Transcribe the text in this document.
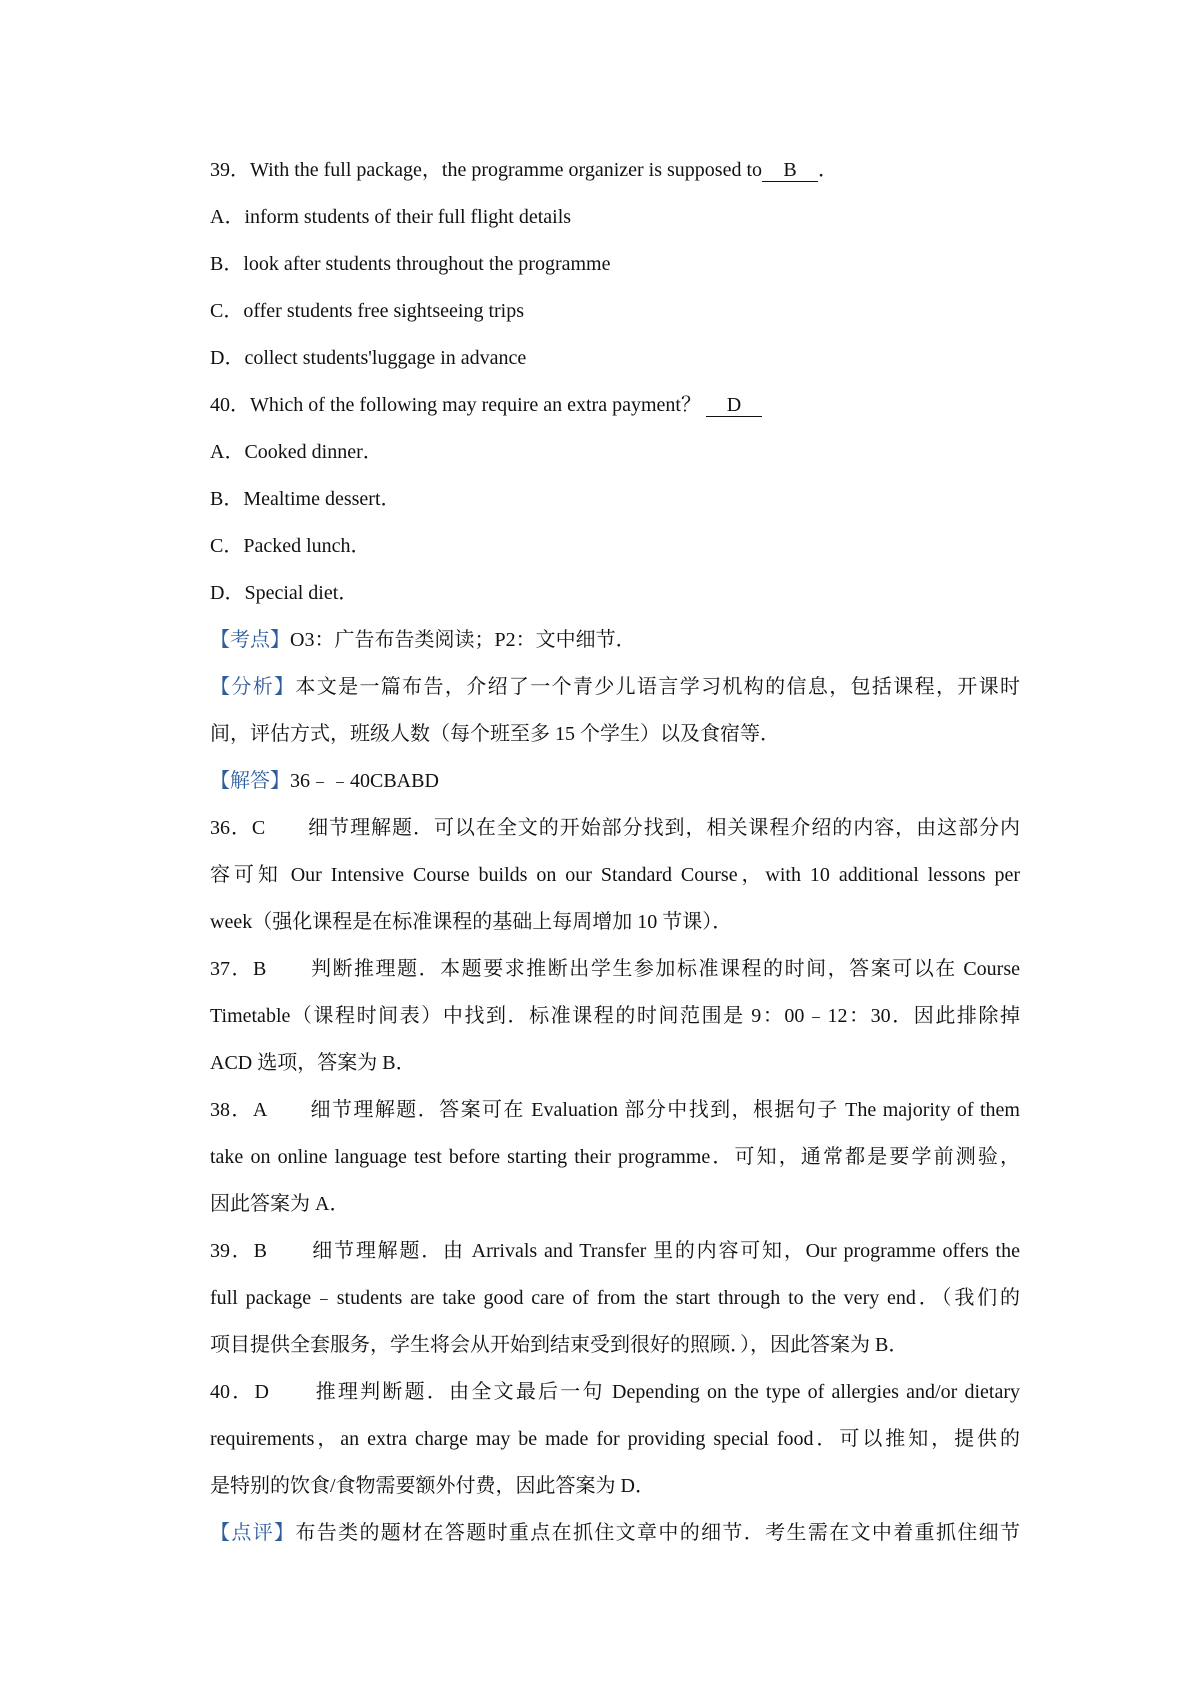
39．With the full package，the programme organizer is supposed to B ．
A．inform students of their full flight details
B．look after students throughout the programme
C．offer students free sightseeing trips
D．collect students'luggage in advance
40．Which of the following may require an extra payment？ D
A．Cooked dinner．
B．Mealtime dessert．
C．Packed lunch．
D．Special diet．
【考点】O3：广告布告类阅读；P2：文中细节．
【分析】本文是一篇布告，介绍了一个青少儿语言学习机构的信息，包括课程，开课时
间，评估方式，班级人数（每个班至多 15 个学生）以及食宿等．
【解答】36﹣﹣40CBABD
36．C　　细节理解题．可以在全文的开始部分找到，相关课程介绍的内容，由这部分内
容可知 Our Intensive Course builds on our Standard Course，with 10 additional lessons per
week（强化课程是在标准课程的基础上每周增加 10 节课）．
37．B　　判断推理题．本题要求推断出学生参加标准课程的时间，答案可以在 Course
Timetable（课程时间表）中找到．标准课程的时间范围是 9：00﹣12：30．因此排除掉
ACD 选项，答案为 B．
38．A　　细节理解题．答案可在 Evaluation 部分中找到，根据句子 The majority of them
take on online language test before starting their programme．可知，通常都是要学前测验，
因此答案为 A．
39．B　　细节理解题．由 Arrivals and Transfer 里的内容可知，Our programme offers the
full package﹣students are take good care of from the start through to the very end．（我们的
项目提供全套服务，学生将会从开始到结束受到很好的照顾．），因此答案为 B．
40．D　　推理判断题．由全文最后一句 Depending on the type of allergies and/or dietary
requirements，an extra charge may be made for providing special food．可以推知，提供的
是特别的饮食/食物需要额外付费，因此答案为 D．
【点评】布告类的题材在答题时重点在抓住文章中的细节．考生需在文中着重抓住细节
